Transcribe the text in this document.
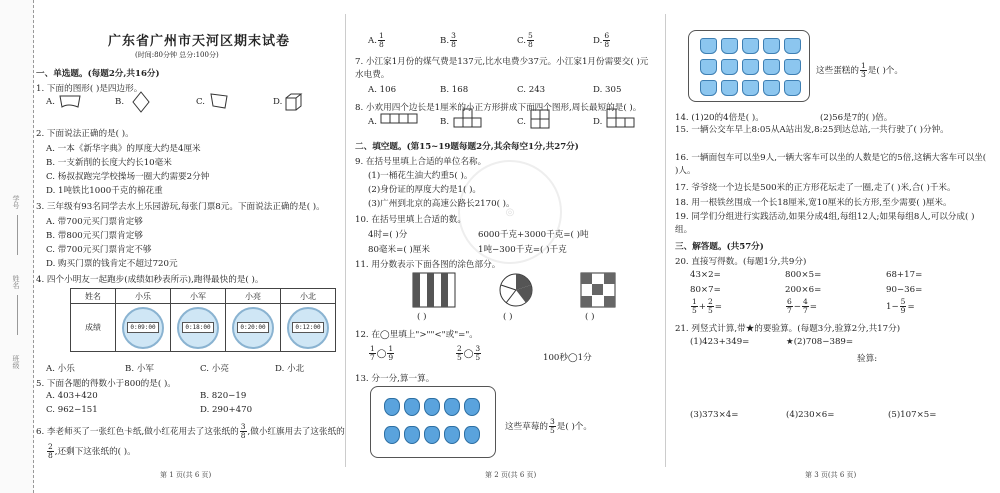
学号
姓名
班级
◎
广东省广州市天河区期末试卷
(时间:80分钟 总分:100分)
一、单选题。(每题2分,共16分)
1. 下面的图形( )是四边形。
A.	B.	C.	D.
2. 下面说法正确的是( )。
A. 一本《新华字典》的厚度大约是4厘米
B. 一支新削的长度大约长10毫米
C. 杨叔叔跑完学校操场一圈大约需要2分钟
D. 1吨铁比1000千克的棉花重
3. 三年级有93名同学去水上乐园游玩,每张门票8元。下面说法正确的是( )。
A. 带700元买门票肯定够
B. 带800元买门票肯定够
C. 带700元买门票肯定不够
D. 购买门票的钱肯定不超过720元
4. 四个小明友一起跑步(成绩如秒表所示),跑得最快的是( )。
姓名	小乐	小军	小亮	小北
成绩	0:09:00	0:18:00	0:20:00	0:12:00
A. 小乐	B. 小军	C. 小亮	D. 小北
5. 下面各题的得数小于800的是( )。
A. 403+420	B. 820−19
C. 962−151	D. 290+470
6. 李老师买了一张红色卡纸,做小红花用去了这张纸的 $\frac{3}{8}$ ,做小红旗用去了这张纸的
$\frac{2}{8}$ ,还剩下这张纸的( )。
第 1 页(共 6 页)
A. $\frac{1}{8}$	B. $\frac{3}{8}$	C. $\frac{5}{8}$	D. $\frac{6}{8}$
7. 小江家1月份的煤气费是137元,比水电费少37元。小江家1月份需要交( )元水电费。
A. 106	B. 168	C. 243	D. 305
8. 小欢用四个边长是1厘米的小正方形拼成下面四个图形,周长最短的是( )。
A.	B.	C.	D.
二、填空题。(第15~19题每题2分,其余每空1分,共27分)
9. 在括号里填上合适的单位名称。
(1)一桶花生油大约重5( )。
(2)身份证的厚度大约是1( )。
(3)广州到北京的高速公路长2170( )。
10. 在括号里填上合适的数。
4时=( )分	6000千克+3000千克=( )吨
80毫米=( )厘米	1吨−300千克=( )千克
11. 用分数表示下面各图的涂色部分。
( )	( )	( )
12. 在◯里填上">""<"或"="。
$\frac{1}{7}$ ◯ $\frac{1}{9}$	$\frac{2}{5}$ ◯ $\frac{3}{5}$	100秒◯1分
13. 分一分,算一算。
这些草莓的 $\frac{3}{5}$ 是( )个。
第 2 页(共 6 页)
这些蛋糕的 $\frac{1}{3}$ 是( )个。
14. (1)20的4倍是( )。	(2)56是7的( )倍。
15. 一辆公交车早上8:05从A站出发,8:25到达总站,一共行驶了( )分钟。
16. 一辆面包车可以坐9人,一辆大客车可以坐的人数是它的5倍,这辆大客车可以坐( )人。
17. 爷爷绕一个边长是500米的正方形花坛走了一圈,走了( )米,合( )千米。
18. 用一根铁丝围成一个长18厘米,宽10厘米的长方形,至少需要( )厘米。
19. 同学们分组进行实践活动,如果分成4组,每组12人;如果每组8人,可以分成( )组。
三、解答题。(共57分)
20. 直接写得数。(每题1分,共9分)
43×2=	800×5=	68+17=
80×7=	200×6=	90−36=
$\frac{1}{5} + \frac{2}{5}$ =	$\frac{6}{7} - \frac{4}{7}$ =	$1- \frac{5}{9}$ =
21. 列竖式计算,带★的要验算。(每题3分,验算2分,共17分)
(1)423+349=	★(2)708−389=
验算:
(3)373×4=	(4)230×6=	(5)107×5=
第 3 页(共 6 页)
